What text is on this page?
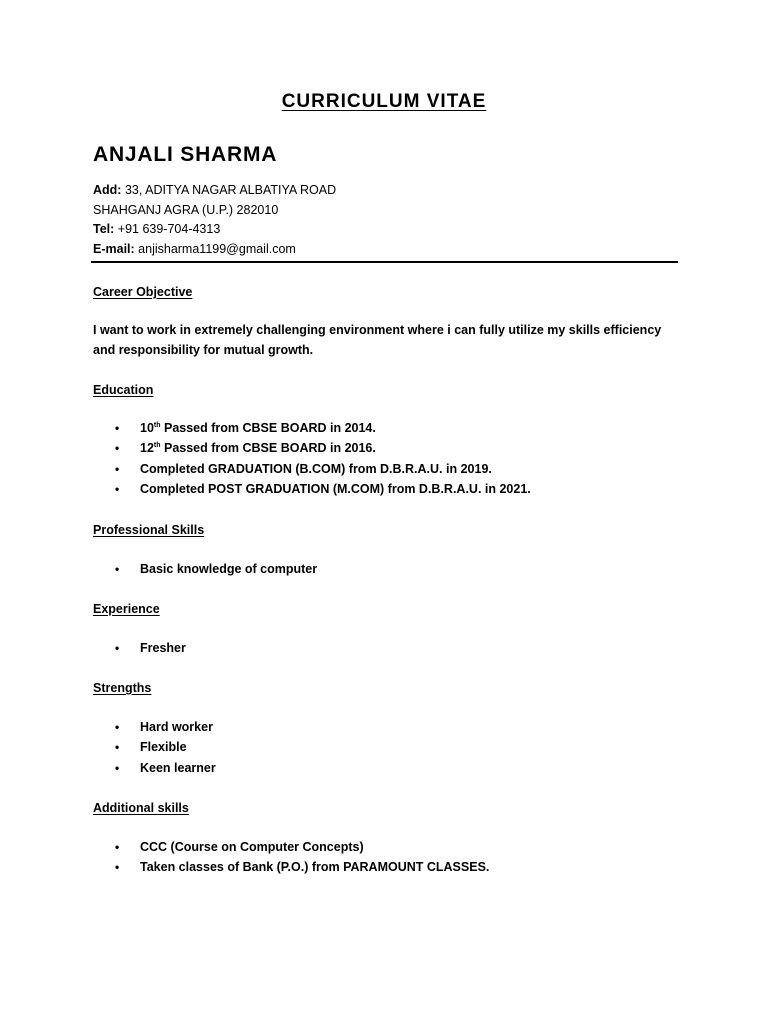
CURRICULUM VITAE
ANJALI SHARMA
Add: 33, ADITYA NAGAR ALBATIYA ROAD
SHAHGANJ AGRA (U.P.) 282010
Tel: +91 639-704-4313
E-mail: anjisharma1199@gmail.com
Career Objective
I want to work in extremely challenging environment where i can fully utilize my skills efficiency and responsibility for mutual growth.
Education
• 10th Passed from CBSE BOARD in 2014.
• 12th Passed from CBSE BOARD in 2016.
• Completed GRADUATION (B.COM) from D.B.R.A.U. in 2019.
• Completed POST GRADUATION (M.COM) from D.B.R.A.U. in 2021.
Professional Skills
• Basic knowledge of computer
Experience
• Fresher
Strengths
• Hard worker
• Flexible
• Keen learner
Additional skills
• CCC (Course on Computer Concepts)
• Taken classes of Bank (P.O.) from PARAMOUNT CLASSES.
